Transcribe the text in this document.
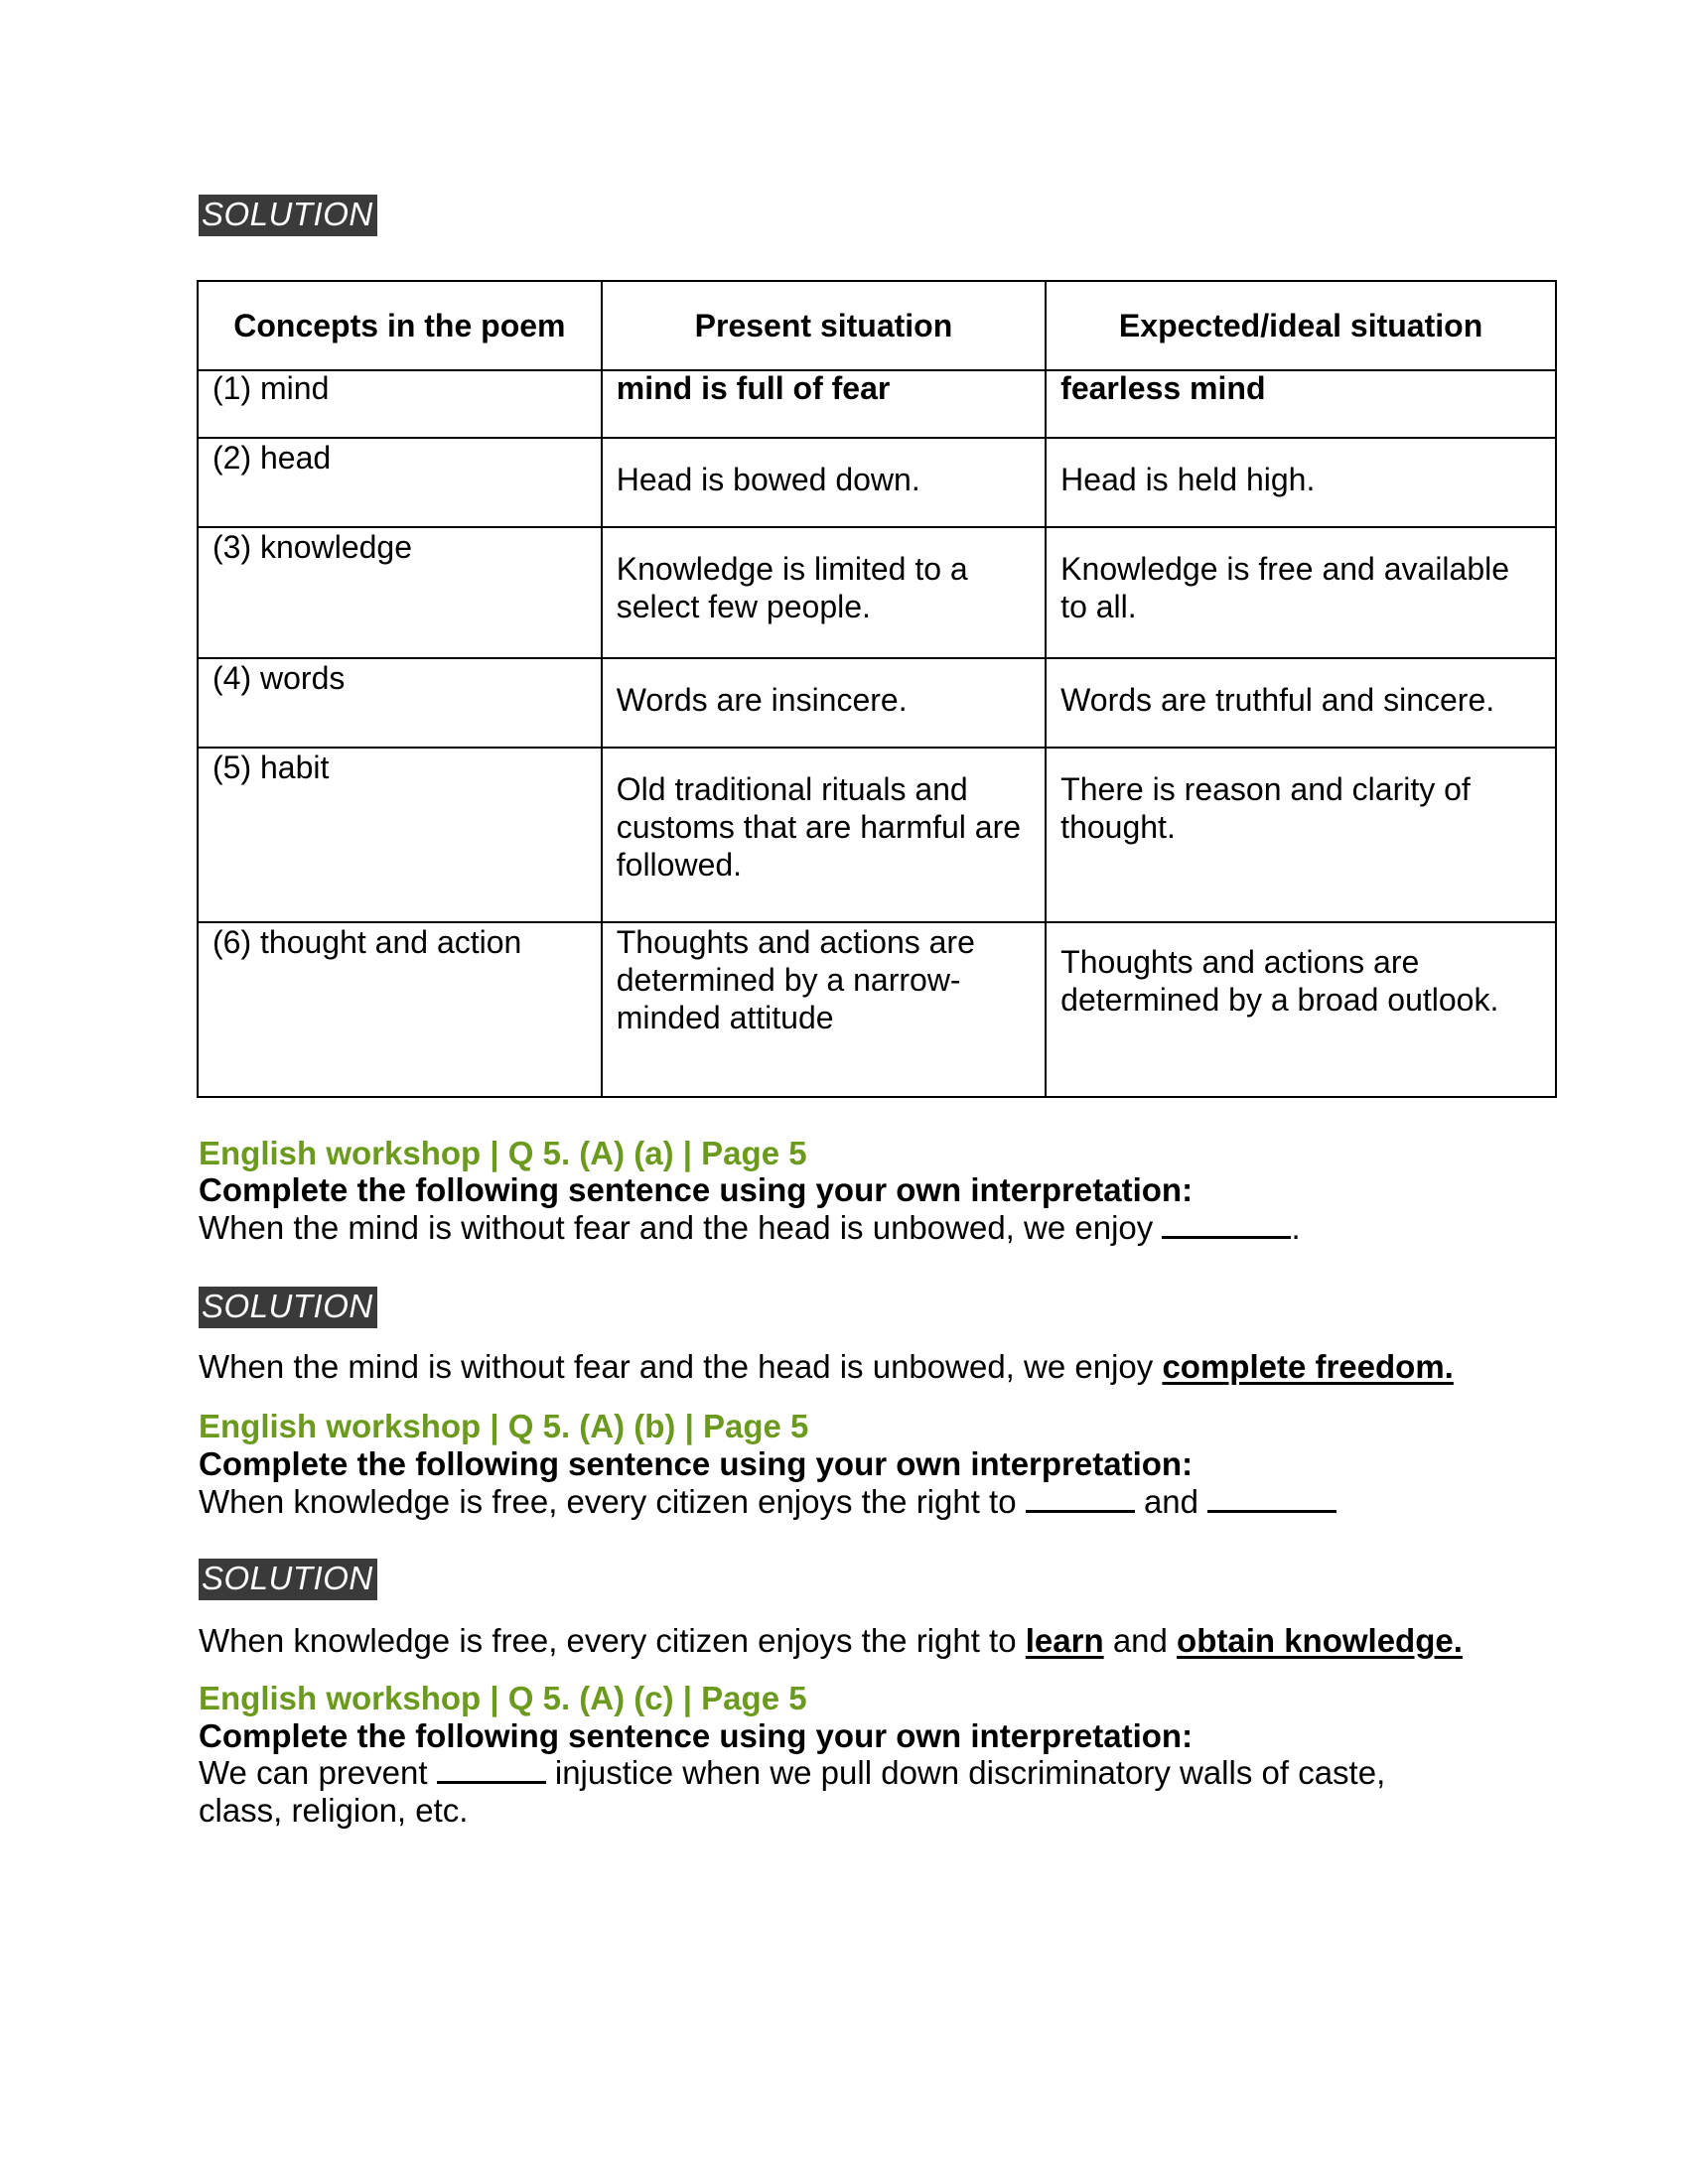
SOLUTION
Concepts in the poem	Present situation	Expected/ideal situation

(1) mind	mind is full of fear	fearless mind

(2) head	Head is bowed down.	Head is held high.

(3) knowledge	Knowledge is limited to a select few people.	Knowledge is free and available to all.

(4) words	Words are insincere.	Words are truthful and sincere.

(5) habit	Old traditional rituals and customs that are harmful are followed.	There is reason and clarity of thought.

(6) thought and action	Thoughts and actions are determined by a narrow-minded attitude	Thoughts and actions are determined by a broad outlook.
English workshop | Q 5. (A) (a) | Page 5
Complete the following sentence using your own interpretation:
When the mind is without fear and the head is unbowed, we enjoy	.
SOLUTION
When the mind is without fear and the head is unbowed, we enjoy complete freedom.
English workshop | Q 5. (A) (b) | Page 5
Complete the following sentence using your own interpretation:
When knowledge is free, every citizen enjoys the right to	and
SOLUTION
When knowledge is free, every citizen enjoys the right to learn and obtain knowledge.
English workshop | Q 5. (A) (c) | Page 5
Complete the following sentence using your own interpretation:
We can prevent	injustice when we pull down discriminatory walls of caste,
class, religion, etc.
